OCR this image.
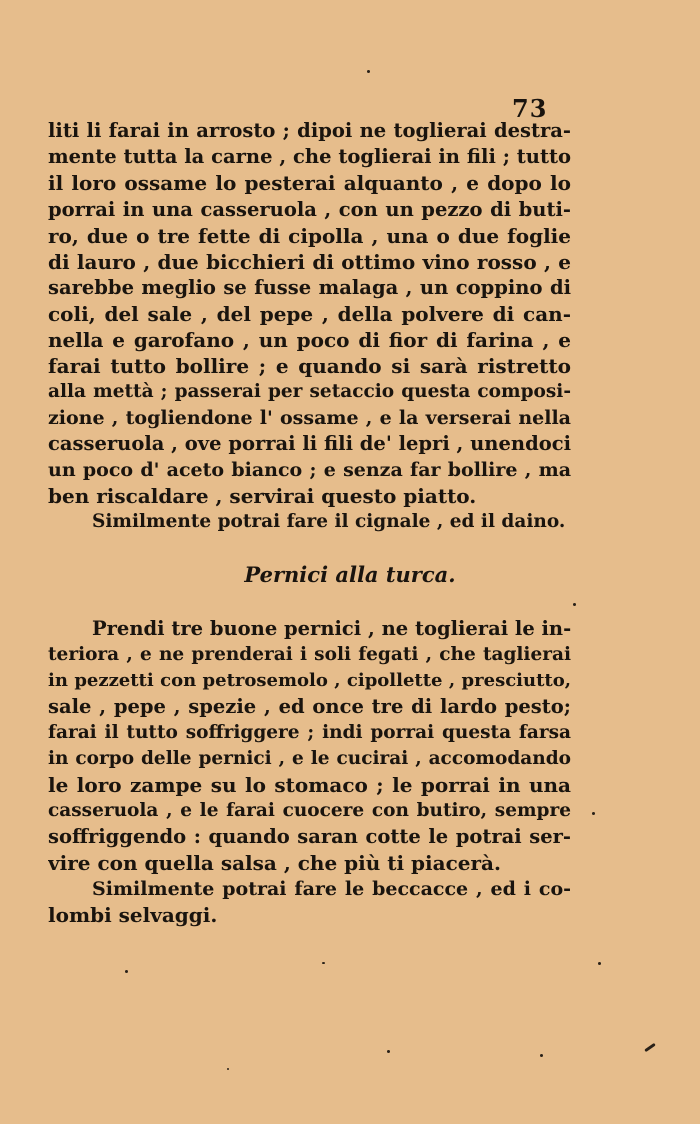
73
liti li farai in arrosto ; dipoi ne toglierai destra-
mente tutta la carne , che toglierai in fili ; tutto
il loro ossame lo pesterai alquanto , e dopo lo
porrai in una casseruola , con un pezzo di buti-
ro, due o tre fette di cipolla , una o due foglie
di lauro , due bicchieri di ottimo vino rosso , e
sarebbe meglio se fusse malaga , un coppino di
coli, del sale , del pepe , della polvere di can-
nella e garofano , un poco di fior di farina , e
farai tutto bollire ; e quando si sarà ristretto
alla mettà ; passerai per setaccio questa composi-
zione , togliendone l' ossame , e la verserai nella
casseruola , ove porrai li fili de' lepri , unendoci
un poco d' aceto bianco ; e senza far bollire , ma
ben riscaldare , servirai questo piatto.
Similmente potrai fare il cignale , ed il daino.
Pernici alla turca.
Prendi tre buone pernici , ne toglierai le in-
teriora , e ne prenderai i soli fegati , che taglierai
in pezzetti con petrosemolo , cipollette , presciutto,
sale , pepe , spezie , ed once tre di lardo pesto;
farai il tutto soffriggere ; indi porrai questa farsa
in corpo delle pernici , e le cucirai , accomodando
le loro zampe su lo stomaco ; le porrai in una
casseruola , e le farai cuocere con butiro, sempre
soffriggendo : quando saran cotte le potrai ser-
vire con quella salsa , che più ti piacerà.
Similmente potrai fare le beccacce , ed i co-
lombi selvaggi.
